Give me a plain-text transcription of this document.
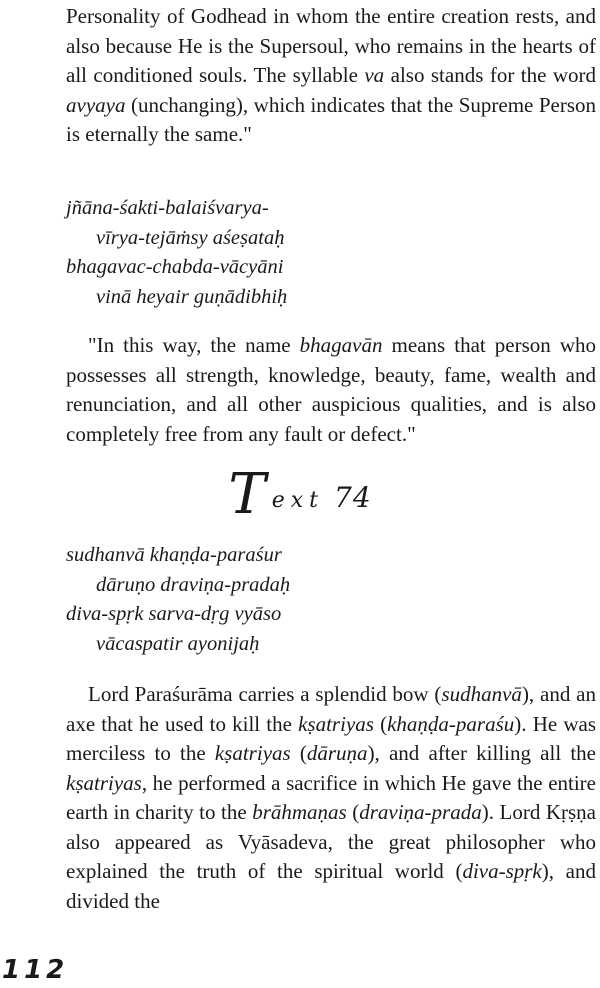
Personality of Godhead in whom the entire creation rests, and also because He is the Supersoul, who remains in the hearts of all conditioned souls. The syllable va also stands for the word avyaya (unchanging), which indicates that the Supreme Person is eternally the same."
jñāna-śakti-balaiśvarya-
vīrya-tejāṁsy aśeṣataḥ
bhagavac-chabda-vācyāni
vinā heyair guṇādibhiḥ
"In this way, the name bhagavān means that person who possesses all strength, knowledge, beauty, fame, wealth and renunciation, and all other auspicious qualities, and is also completely free from any fault or defect."
Text 74
sudhanvā khaṇḍa-paraśur
dāruṇo draviṇa-pradaḥ
diva-spṛk sarva-dṛg vyāso
vācaspatir ayonijaḥ
Lord Paraśurāma carries a splendid bow (sudhanvā), and an axe that he used to kill the kṣatriyas (khaṇḍa-paraśu). He was merciless to the kṣatriyas (dāruṇa), and after killing all the kṣatriyas, he performed a sacrifice in which He gave the entire earth in charity to the brāhmaṇas (draviṇa-prada). Lord Kṛṣṇa also appeared as Vyāsadeva, the great philosopher who explained the truth of the spiritual world (diva-spṛk), and divided the
112
